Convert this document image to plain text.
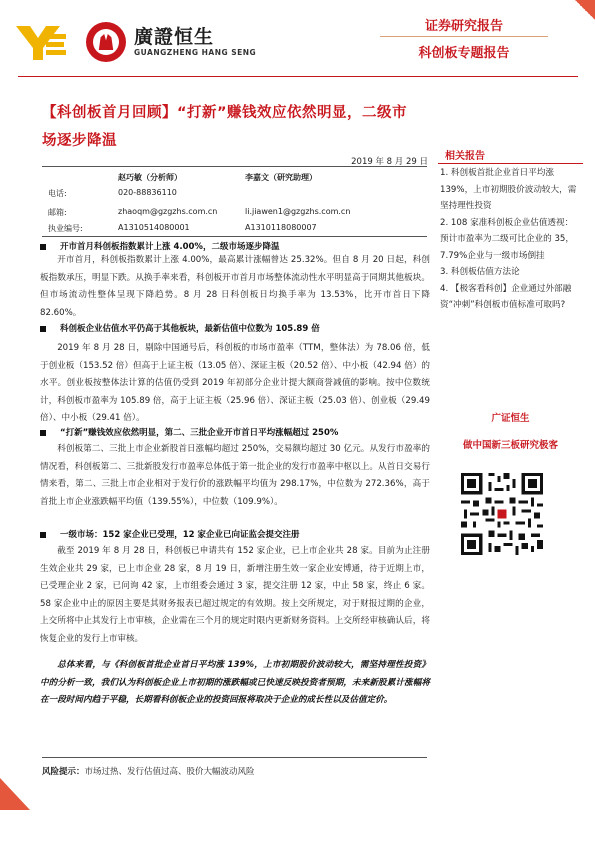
廣證恒生
GUANGZHENG HANG SENG
证券研究报告
科创板专题报告
【科创板首月回顾】“打新”赚钱效应依然明显，二级市场逐步降温
2019 年 8 月 29 日
赵巧敏（分析师）	李嘉文（研究助理）
电话:	020-88836110
邮箱:	zhaoqm@gzgzhs.com.cn	li.jiawen1@gzgzhs.com.cn
执业编号:	A1310514080001	A1310118080007
开市首月科创板指数累计上涨 4.00%，二级市场逐步降温
开市首月，科创板指数累计上涨 4.00%，最高累计涨幅曾达 25.32%。但自 8 月 20 日起，科创板指数承压，明显下跌。从换手率来看，科创板开市首月市场整体流动性水平明显高于同期其他板块。但市场流动性整体呈现下降趋势。8 月 28 日科创板日均换手率为 13.53%，比开市首日下降 82.60%。
科创板企业估值水平仍高于其他板块，最新估值中位数为 105.89 倍
2019 年 8 月 28 日，剔除中国通号后，科创板的市场市盈率（TTM，整体法）为 78.06 倍，低于创业板（153.52 倍）但高于上证主板（13.05 倍）、深证主板（20.52 倍）、中小板（42.94 倍）的水平。创业板按整体法计算的估值仍受到 2019 年初部分企业计提大额商誉减值的影响。按中位数统计，科创板市盈率为 105.89 倍，高于上证主板（25.96 倍）、深证主板（25.03 倍）、创业板（29.49 倍）、中小板（29.41 倍）。
“打新”赚钱效应依然明显，第二、三批企业开市首日平均涨幅超过 250%
科创板第二、三批上市企业新股首日涨幅均超过 250%，交易额均超过 30 亿元。从发行市盈率的情况看，科创板第二、三批新股发行市盈率总体低于第一批企业的发行市盈率中枢以上。从首日交易行情来看，第二、三批上市企业相对于发行价的涨跌幅平均值为 298.17%，中位数为 272.36%，高于首批上市企业涨跌幅平均值（139.55%），中位数（109.9%）。
一级市场：152 家企业已受理，12 家企业已向证监会提交注册
截至 2019 年 8 月 28 日，科创板已申请共有 152 家企业，已上市企业共 28 家。目前为止注册生效企业共 29 家，已上市企业 28 家，8 月 19 日，新增注册生效一家企业安博通，待于近期上市，已受理企业 2 家，已问询 42 家，上市组委会通过 3 家，提交注册 12 家，中止 58 家，终止 6 家。58 家企业中止的原因主要是其财务报表已超过规定的有效期。按上交所规定，对于财报过期的企业，上交所将中止其发行上市审核，企业需在三个月的规定时限内更新财务资料。上交所经审核确认后，将恢复企业的发行上市审核。
总体来看，与《科创板首批企业首日平均涨 139%，上市初期股价波动较大，需坚持理性投资》中的分析一致，我们认为科创板企业上市初期的涨跌幅或已快速反映投资者预期，未来新股累计涨幅将在一段时间内趋于平稳，长期看科创板企业的投资回报将取决于企业的成长性以及估值定价。
风险提示：市场过热、发行估值过高、股价大幅波动风险
相关报告
1. 科创板首批企业首日平均涨 139%，上市初期股价波动较大，需坚持理性投资
2. 108 家准科创板企业估值透视：预计市盈率为二级可比企业的 35，7.79%企业与一级市场倒挂
3. 科创板估值方法论
4. 【极客看科创】企业通过外部融资“冲刺”科创板市值标准可取吗?
广证恒生
做中国新三板研究极客
